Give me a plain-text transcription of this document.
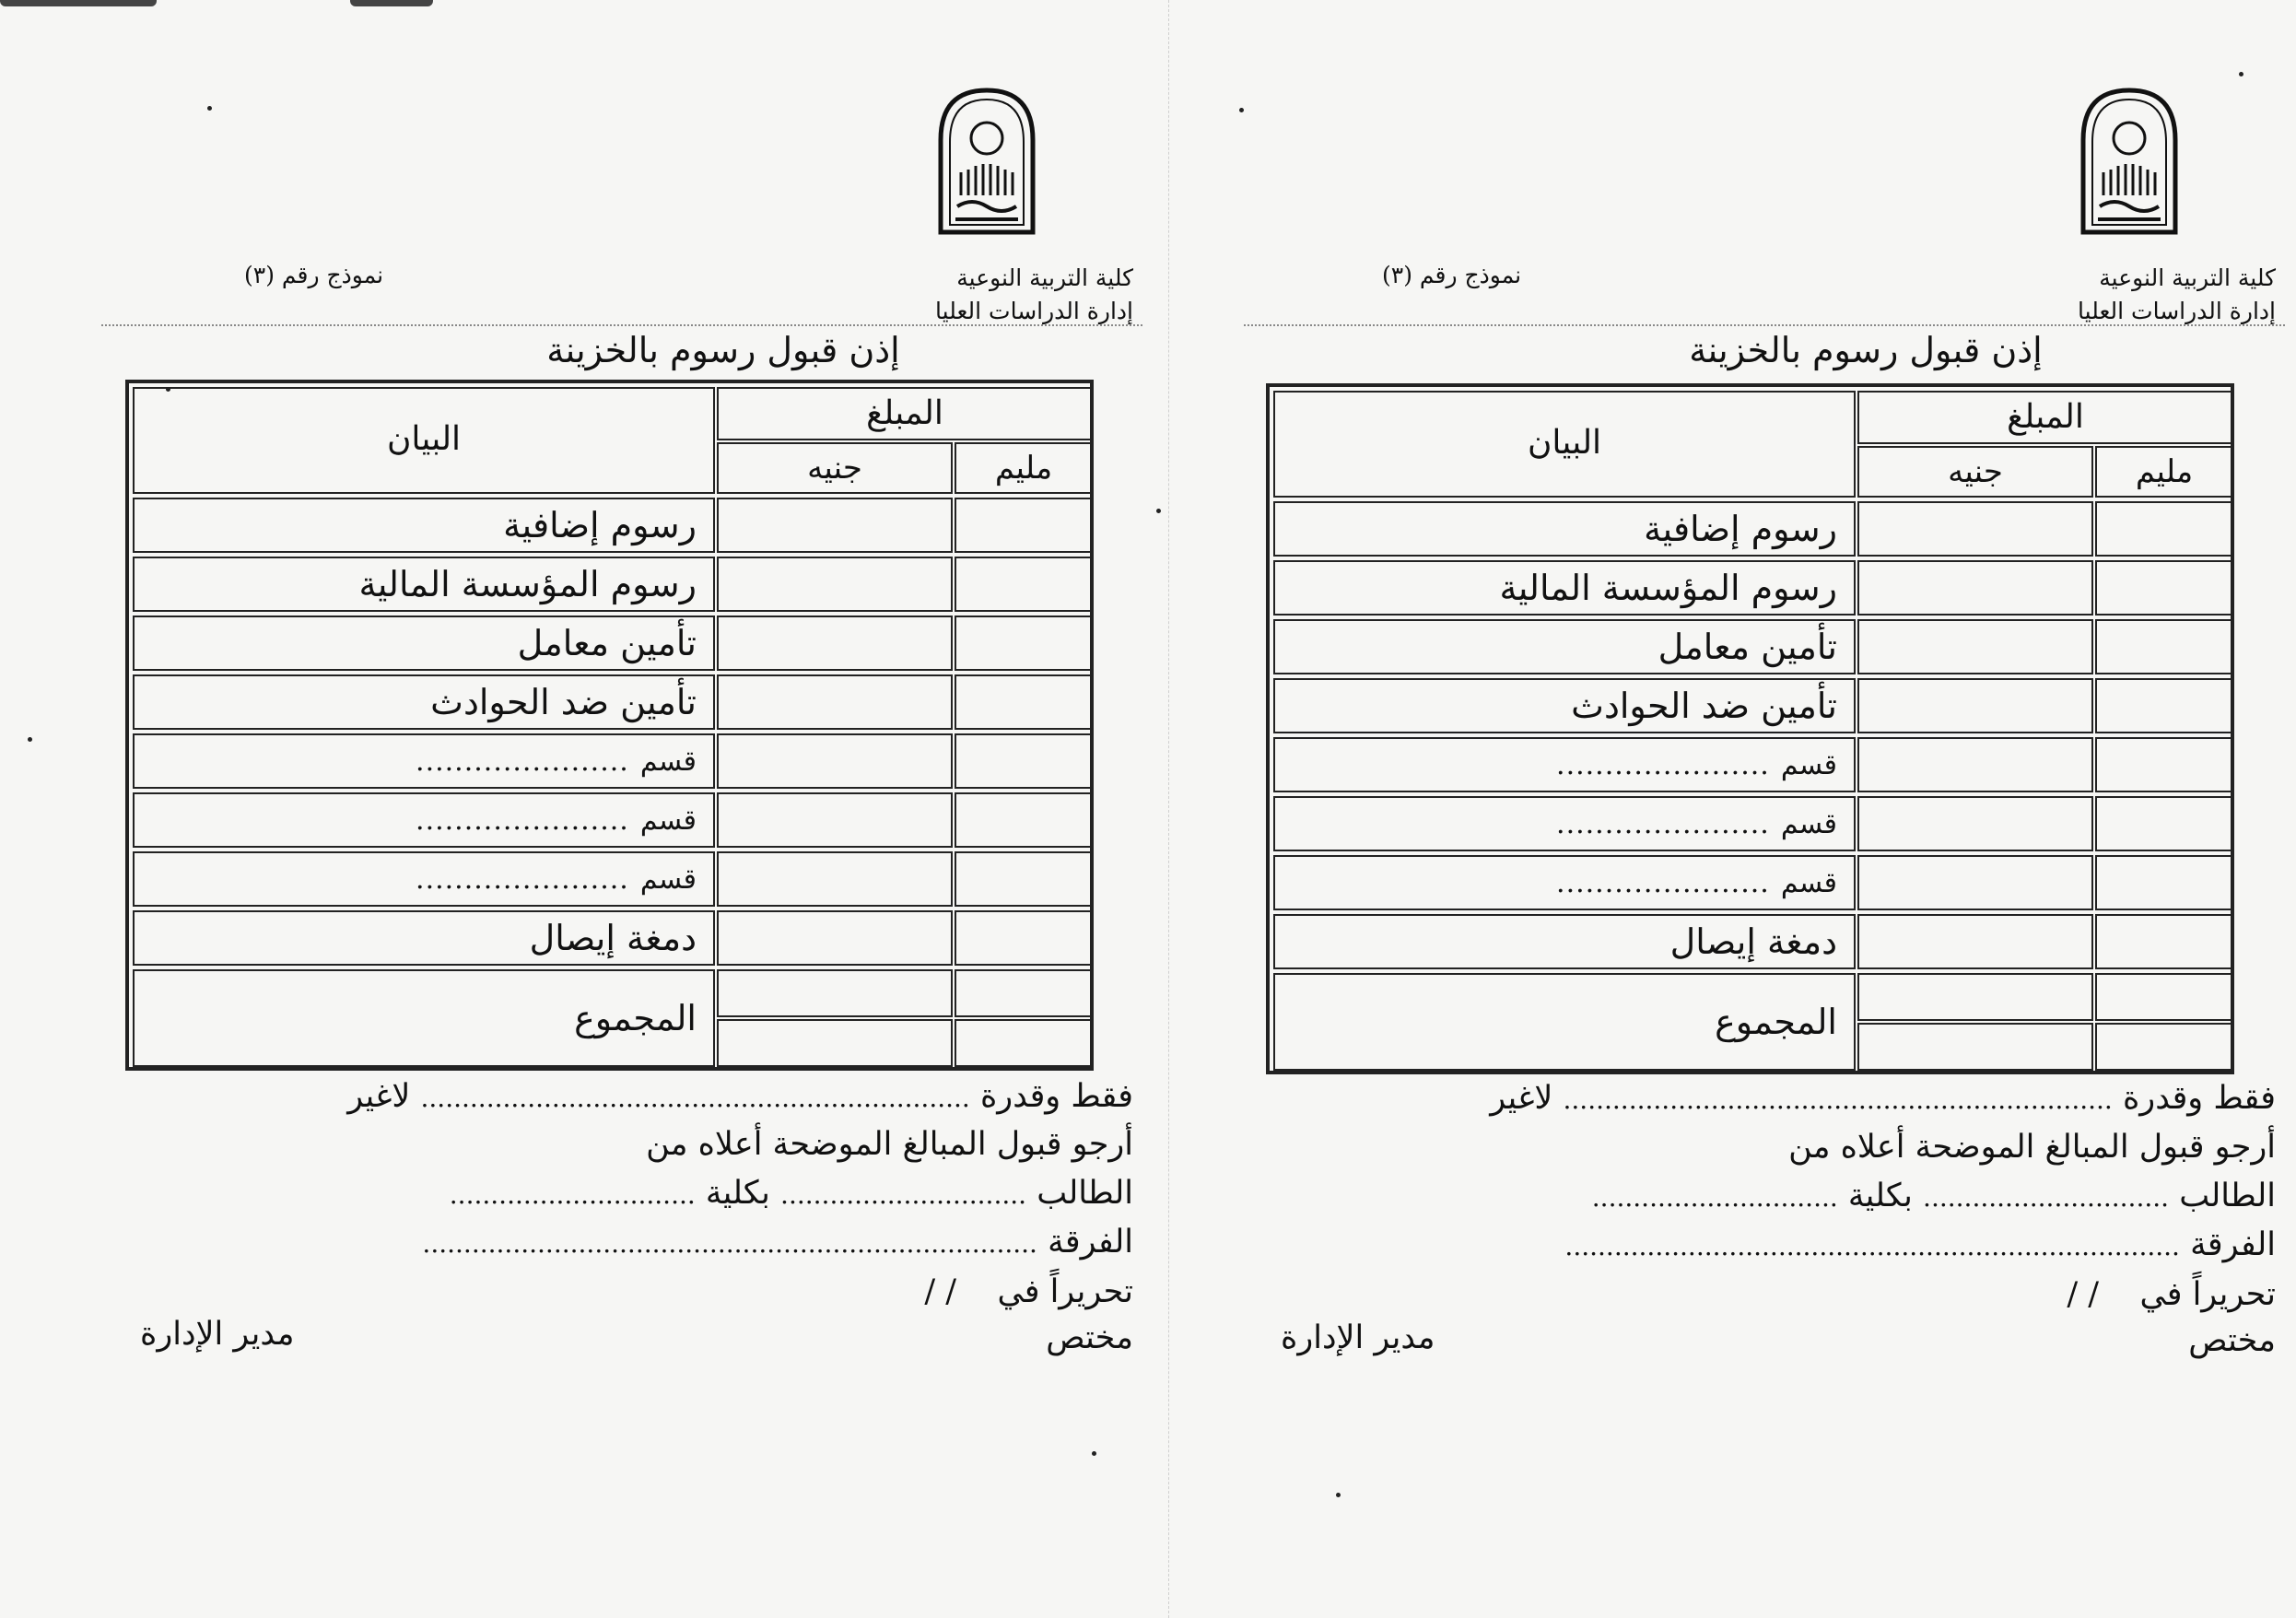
كلية التربية النوعية
إدارة الدراسات العليا
نموذج رقم (٣)
إذن قبول رسوم بالخزينة
البيان
المبلغ
جنيه	مليم
رسوم إضافية
رسوم المؤسسة المالية
تأمين معامل
تأمين ضد الحوادث
قسم

......................
قسم

......................
قسم

......................
دمغة إيصال
المجموع
فقط وقدرة ................................................................... لاغير
أرجو قبول المبالغ الموضحة أعلاه من
الطالب .............................. بكلية ..............................
الفرقة ...........................................................................
تحريراً في    / /
مختص
مدير الإدارة
كلية التربية النوعية
إدارة الدراسات العليا
نموذج رقم (٣)
إذن قبول رسوم بالخزينة
البيان
المبلغ
جنيه	مليم
رسوم إضافية
رسوم المؤسسة المالية
تأمين معامل
تأمين ضد الحوادث
قسم

......................
قسم

......................
قسم

......................
دمغة إيصال
المجموع
فقط وقدرة ................................................................... لاغير
أرجو قبول المبالغ الموضحة أعلاه من
الطالب .............................. بكلية ..............................
الفرقة ...........................................................................
تحريراً في    / /
مختص
مدير الإدارة
